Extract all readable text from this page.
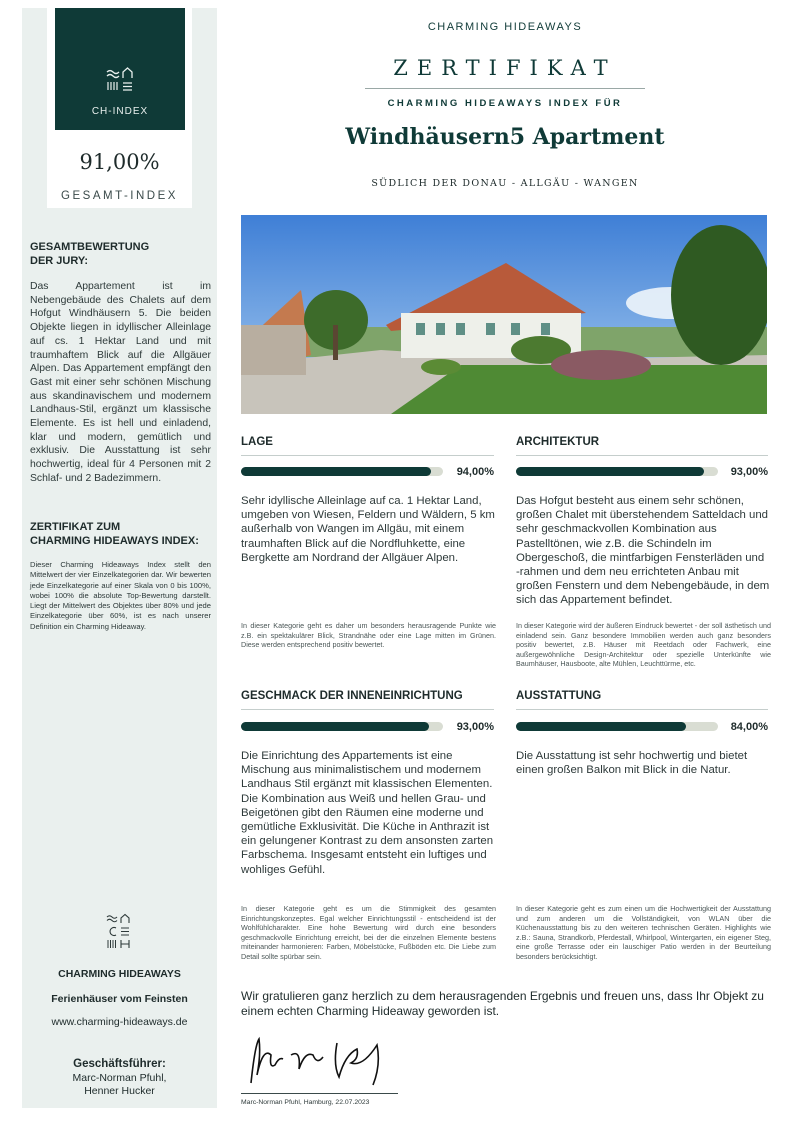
CH-INDEX
91,00%
GESAMT-INDEX
GESAMTBEWERTUNG
DER JURY:
Das Appartement ist im Nebengebäude des Chalets auf dem Hofgut Windhäusern 5. Die beiden Objekte liegen in idyllischer Alleinlage auf cs. 1 Hektar Land und mit traumhaftem Blick auf die Allgäuer Alpen. Das Appartement empfängt den Gast mit einer sehr schönen Mischung aus skandinavischem und modernem Landhaus-Stil, ergänzt um klassische Elemente. Es ist hell und einladend, klar und modern, gemütlich und exklusiv. Die Ausstattung ist sehr hochwertig, ideal für 4 Personen mit 2 Schlaf- und 2 Badezimmern.
ZERTIFIKAT ZUM
CHARMING HIDEAWAYS INDEX:
Dieser Charming Hideaways Index stellt den Mittelwert der vier Einzelkategorien dar. Wir bewerten jede Einzelkategorie auf einer Skala von 0 bis 100%, wobei 100% die absolute Top-Bewertung darstellt. Liegt der Mittelwert des Objektes über 80% und jede Einzelkategorie über 60%, ist es nach unserer Definition ein Charming Hideaway.
CHARMING HIDEAWAYS
Ferienhäuser vom Feinsten
www.charming-hideaways.de
Geschäftsführer:
Marc-Norman Pfuhl,
Henner Hucker
CHARMING HIDEAWAYS
ZERTIFIKAT
CHARMING HIDEAWAYS INDEX FÜR
Windhäusern5 Apartment
SÜDLICH DER DONAU - ALLGÄU - WANGEN
LAGE
94,00%
Sehr idyllische Alleinlage auf ca. 1 Hektar Land, umgeben von Wiesen, Feldern und Wäldern, 5 km außerhalb von Wangen im Allgäu, mit einem traumhaften Blick auf die Nordfluhkette, eine Bergkette am Nordrand der Allgäuer Alpen.
In dieser Kategorie geht es daher um besonders herausragende Punkte wie z.B. ein spektakulärer Blick, Strandnähe oder eine Lage mitten im Grünen. Diese werden entsprechend positiv bewertet.
ARCHITEKTUR
93,00%
Das Hofgut besteht aus einem sehr schönen, großen Chalet mit überstehendem Satteldach und sehr geschmackvollen Kombination aus Pastelltönen, wie z.B. die Schindeln im Obergeschoß, die mintfarbigen Fensterläden und -rahmen und dem neu errichteten Anbau mit großen Fenstern und dem Nebengebäude, in dem sich das Appartement befindet.
In dieser Kategorie wird der äußeren Eindruck bewertet - der soll ästhetisch und einladend sein. Ganz besondere Immobilien werden auch ganz besonders positiv bewertet, z.B. Häuser mit Reetdach oder Fachwerk, eine außergewöhnliche Design-Architektur oder spezielle Unterkünfte wie Baumhäuser, Hausboote, alte Mühlen, Leuchttürme, etc.
GESCHMACK DER INNENEINRICHTUNG
93,00%
Die Einrichtung des Appartements ist eine Mischung aus minimalistischem und modernem Landhaus Stil ergänzt mit klassischen Elementen. Die Kombination aus Weiß und hellen Grau- und Beigetönen gibt den Räumen eine moderne und gemütliche Exklusivität. Die Küche in Anthrazit ist ein gelungener Kontrast zu dem ansonsten zarten Farbschema. Insgesamt entsteht ein luftiges und wohliges Gefühl.
In dieser Kategorie geht es um die Stimmigkeit des gesamten Einrichtungskonzeptes. Egal welcher Einrichtungsstil - entscheidend ist der Wohlfühlcharakter. Eine hohe Bewertung wird durch eine besonders geschmackvolle Einrichtung erreicht, bei der die einzelnen Elemente bestens miteinander harmonieren: Farben, Möbelstücke, Fußböden etc. Die Liebe zum Detail sollte spürbar sein.
AUSSTATTUNG
84,00%
Die Ausstattung ist sehr hochwertig und bietet einen großen Balkon mit Blick in die Natur.
In dieser Kategorie geht es zum einen um die Hochwertigkeit der Ausstattung und zum anderen um die Vollständigkeit, von WLAN über die Küchenausstattung bis zu den weiteren technischen Geräten. Highlights wie z.B.: Sauna, Strandkorb, Pferdestall, Whirlpool, Wintergarten, ein eigener Steg, eine große Terrasse oder ein lauschiger Patio werden in der Beurteilung besonders berücksichtigt.
Wir gratulieren ganz herzlich zu dem herausragenden Ergebnis und freuen uns, dass Ihr Objekt zu einem echten Charming Hideaway geworden ist.
Marc-Norman Pfuhl, Hamburg, 22.07.2023
